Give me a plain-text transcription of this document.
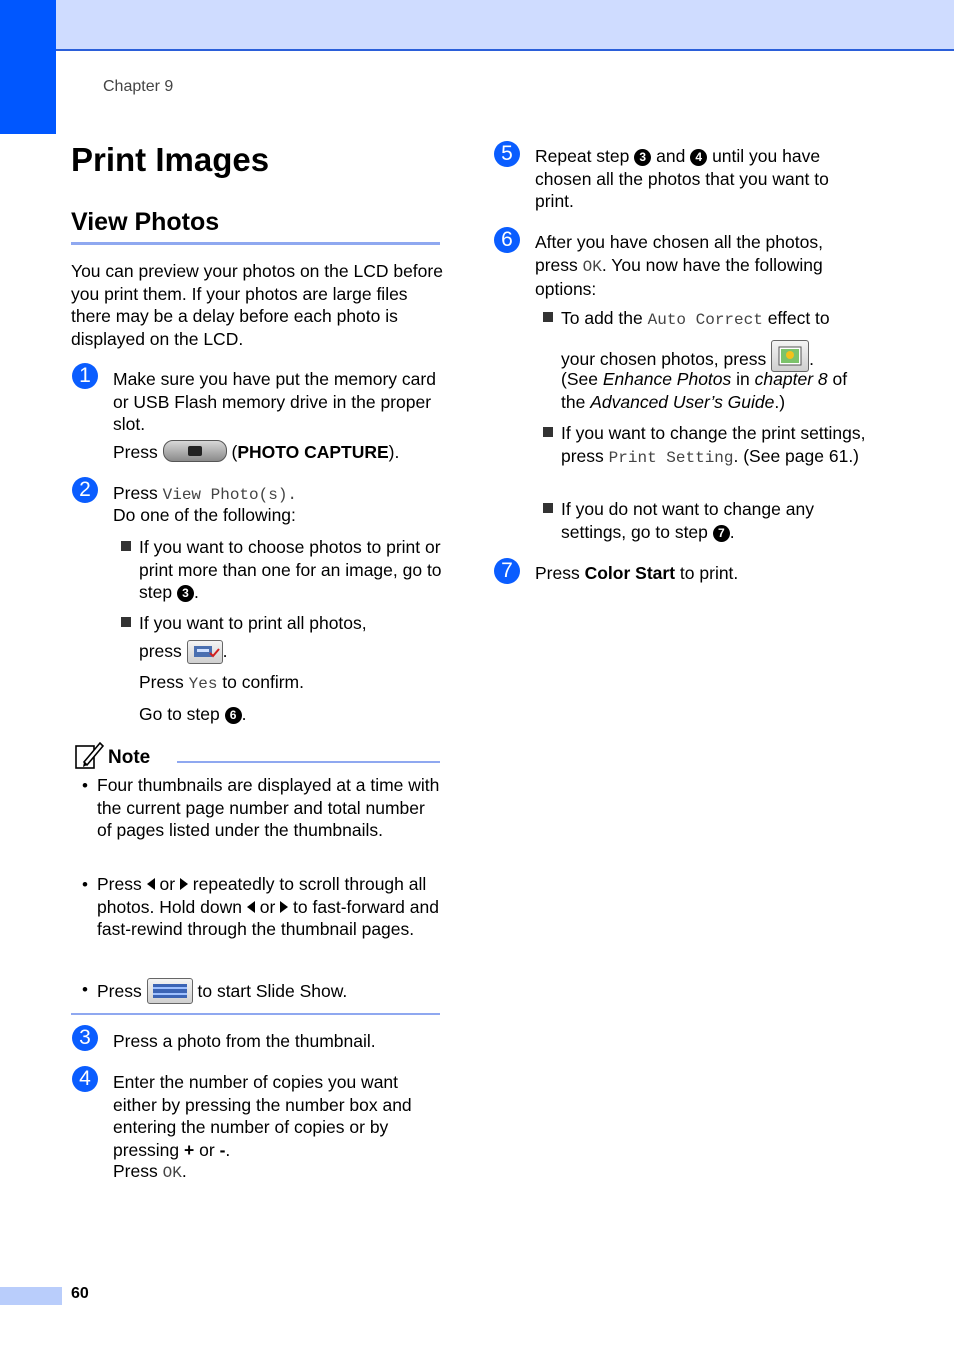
Chapter 9
Print Images
View Photos

You can preview your photos on the LCD before you print them. If your photos are large files there may be a delay before each photo is displayed on the LCD.

1	Make sure you have put the memory card or USB Flash memory drive in the proper slot.

Press	(PHOTO CAPTURE).

2	Press View Photo(s).

Do one of the following:

If you want to choose photos to print or print more than one for an image, go to step 3 .

If you want to print all photos,

press .

Press Yes to confirm.

Go to step 6 .

Note
• Four thumbnails are displayed at a time with the current page number and total number of pages listed under the thumbnails.

• Press or repeatedly to scroll through all photos. Hold down or to fast-forward and fast-rewind through the thumbnail pages.

• Press	to start Slide Show.

3	Press a photo from the thumbnail.

4	Enter the number of copies you want either by pressing the number box and entering the number of copies or by pressing + or -.

Press OK.

5	Repeat step 3 and 4 until you have chosen all the photos that you want to print.

6	After you have chosen all the photos, press OK. You now have the following options:

To add the Auto Correct effect to

your chosen photos, press .

(See Enhance Photos in chapter 8 of the Advanced User’s Guide.)

If you want to change the print settings, press Print Setting. (See page 61.)

If you do not want to change any settings, go to step 7 .

7	Press Color Start to print.

60
